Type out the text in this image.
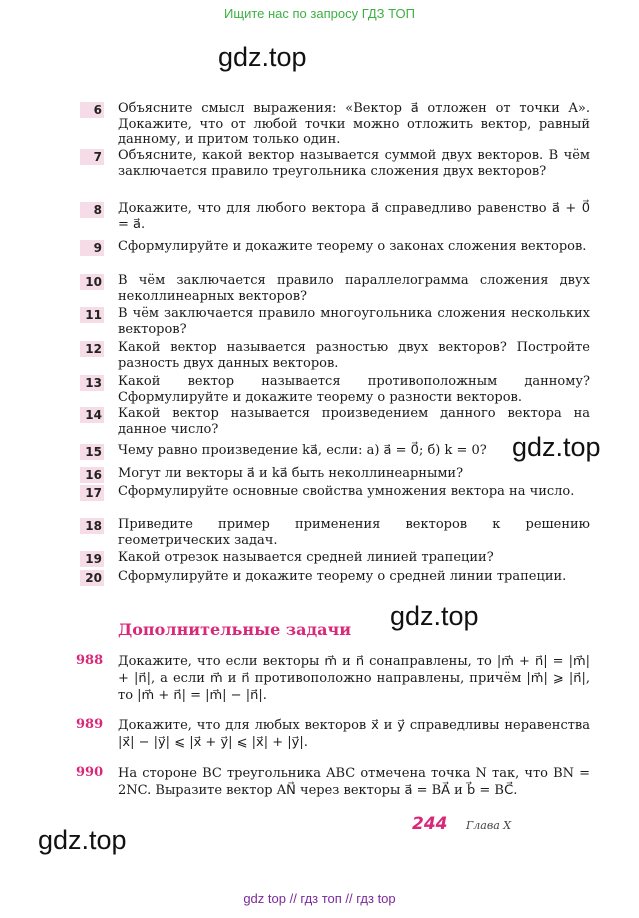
Ищите нас по запросу ГДЗ ТОП
gdz.top
gdz.top
gdz.top
gdz.top
6 Объясните смысл выражения: «Вектор a⃗ отложен от точки A». Докажите, что от любой точки можно отложить вектор, равный данному, и притом только один.
7 Объясните, какой вектор называется суммой двух векторов. В чём заключается правило треугольника сложения двух векторов?
8 Докажите, что для любого вектора a⃗ справедливо равенство a⃗ + 0⃗ = a⃗.
9 Сформулируйте и докажите теорему о законах сложения векторов.
10 В чём заключается правило параллелограмма сложения двух неколлинеарных векторов?
11 В чём заключается правило многоугольника сложения нескольких векторов?
12 Какой вектор называется разностью двух векторов? Постройте разность двух данных векторов.
13 Какой вектор называется противоположным данному? Сформулируйте и докажите теорему о разности векторов.
14 Какой вектор называется произведением данного вектора на данное число?
15 Чему равно произведение ka⃗, если: а) a⃗ = 0⃗; б) k = 0?
16 Могут ли векторы a⃗ и ka⃗ быть неколлинеарными?
17 Сформулируйте основные свойства умножения вектора на число.
18 Приведите пример применения векторов к решению геометрических задач.
19 Какой отрезок называется средней линией трапеции?
20 Сформулируйте и докажите теорему о средней линии трапеции.
Дополнительные задачи
988 Докажите, что если векторы m⃗ и n⃗ сонаправлены, то |m⃗ + n⃗| = |m⃗| + |n⃗|, а если m⃗ и n⃗ противоположно направлены, причём |m⃗| ⩾ |n⃗|, то |m⃗ + n⃗| = |m⃗| − |n⃗|.
989 Докажите, что для любых векторов x⃗ и y⃗ справедливы неравенства |x⃗| − |y⃗| ⩽ |x⃗ + y⃗| ⩽ |x⃗| + |y⃗|.
990 На стороне BC треугольника ABC отмечена точка N так, что BN = 2NC. Выразите вектор AN⃗ через векторы a⃗ = BA⃗ и b⃗ = BC⃗.
244 Глава X
gdz top // гдз топ // гдз top
